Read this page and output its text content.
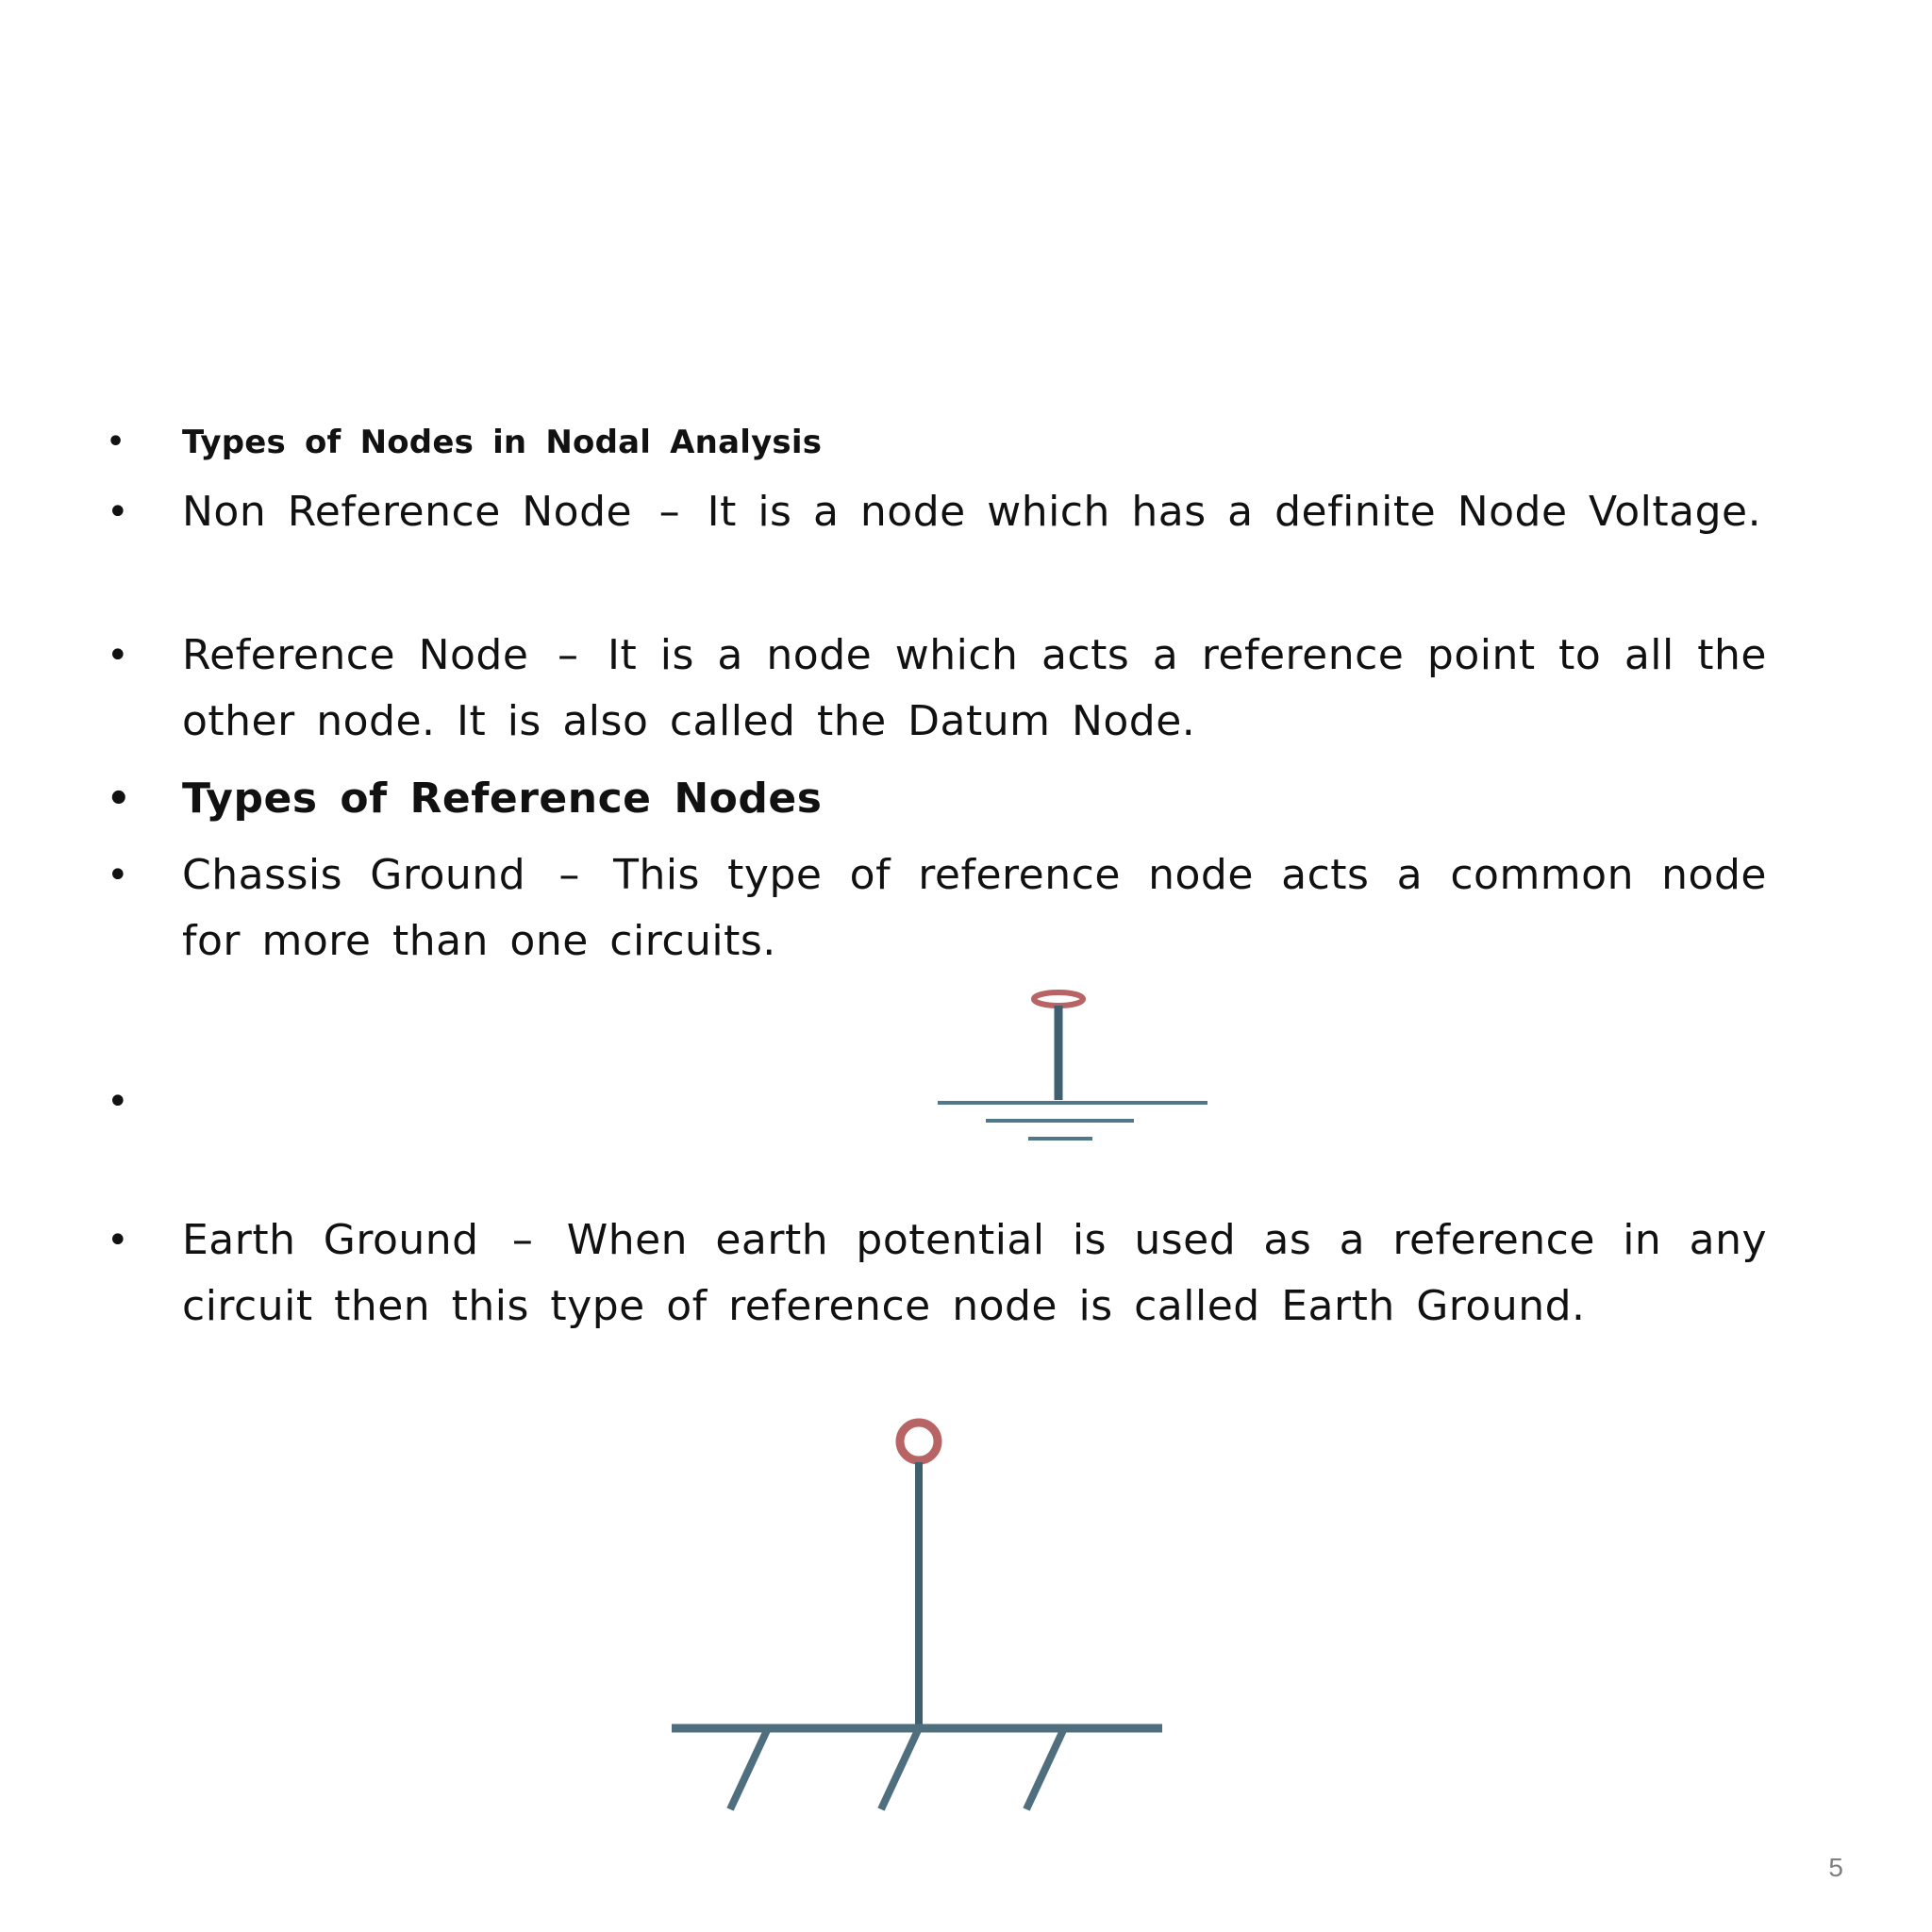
• Types of Nodes in Nodal Analysis
• Non Reference Node – It is a node which has a definite Node Voltage.
• Reference Node – It is a node which acts a reference point to all the other node. It is also called the Datum Node.
• Types of Reference Nodes
• Chassis Ground – This type of reference node acts a common node for more than one circuits.
• Earth Ground – When earth potential is used as a reference in any circuit then this type of reference node is called Earth Ground.
5
